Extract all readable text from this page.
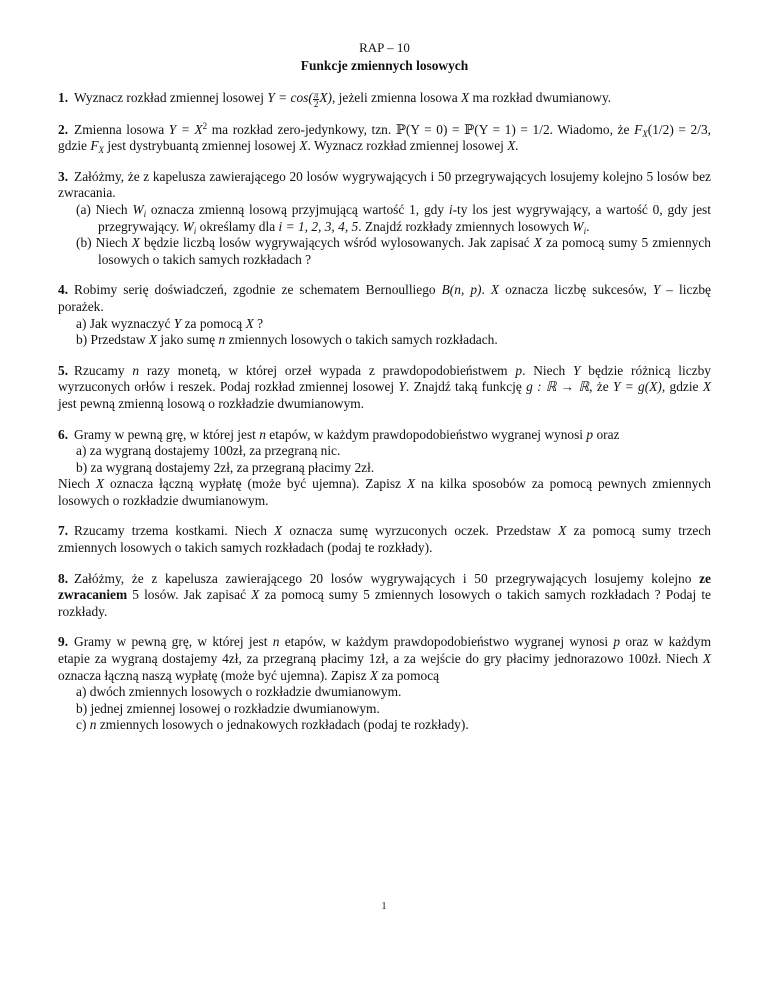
RAP – 10
Funkcje zmiennych losowych

1. Wyznacz rozkład zmiennej losowej $Y = \cos( \frac{\pi}{2} X)$, jeżeli zmienna losowa X ma rozkład dwumianowy.

2. Zmienna losowa $Y = X^2$ ma rozkład zero-jedynkowy, tzn. ℙ(Y = 0) = ℙ(Y = 1) = 1/2. Wiadomo, że $F_X(1/2) = 2/3$, gdzie $F_X$ jest dystrybuantą zmiennej losowej X. Wyznacz rozkład zmiennej losowej X.

3. Załóżmy, że z kapelusza zawierającego 20 losów wygrywających i 50 przegrywających losujemy kolejno 5 losów bez zwracania.

(a) Niech $W_i$ oznacza zmienną losową przyjmującą wartość 1, gdy i-ty los jest wygrywający, a wartość 0, gdy jest przegrywający. $W_i$ określamy dla i = 1, 2, 3, 4, 5. Znajdź rozkłady zmiennych losowych $W_i$.

(b) Niech X będzie liczbą losów wygrywających wśród wylosowanych. Jak zapisać X za pomocą sumy 5 zmiennych losowych o takich samych rozkładach ?

4. Robimy serię doświadczeń, zgodnie ze schematem Bernoulliego B(n, p). X oznacza liczbę sukcesów, Y – liczbę porażek.

a) Jak wyznaczyć Y za pomocą X ?

b) Przedstaw X jako sumę n zmiennych losowych o takich samych rozkładach.

5. Rzucamy n razy monetą, w której orzeł wypada z prawdopodobieństwem p. Niech Y będzie różnicą liczby wyrzuconych orłów i reszek. Podaj rozkład zmiennej losowej Y. Znajdź taką funkcję g : ℝ → ℝ, że Y = g(X), gdzie X jest pewną zmienną losową o rozkładzie dwumianowym.

6. Gramy w pewną grę, w której jest n etapów, w każdym prawdopodobieństwo wygranej wynosi p oraz

a) za wygraną dostajemy 100zł, za przegraną nic.

b) za wygraną dostajemy 2zł, za przegraną płacimy 2zł.

Niech X oznacza łączną wypłatę (może być ujemna). Zapisz X na kilka sposobów za pomocą pewnych zmiennych losowych o rozkładzie dwumianowym.

7. Rzucamy trzema kostkami. Niech X oznacza sumę wyrzuconych oczek. Przedstaw X za pomocą sumy trzech zmiennych losowych o takich samych rozkładach (podaj te rozkłady).

8. Załóżmy, że z kapelusza zawierającego 20 losów wygrywających i 50 przegrywających losujemy kolejno ze zwracaniem 5 losów. Jak zapisać X za pomocą sumy 5 zmiennych losowych o takich samych rozkładach ? Podaj te rozkłady.

9. Gramy w pewną grę, w której jest n etapów, w każdym prawdopodobieństwo wygranej wynosi p oraz w każdym etapie za wygraną dostajemy 4zł, za przegraną płacimy 1zł, a za wejście do gry płacimy jednorazowo 100zł. Niech X oznacza łączną naszą wypłatę (może być ujemna). Zapisz X za pomocą

a) dwóch zmiennych losowych o rozkładzie dwumianowym.

b) jednej zmiennej losowej o rozkładzie dwumianowym.

c) n zmiennych losowych o jednakowych rozkładach (podaj te rozkłady).

1
